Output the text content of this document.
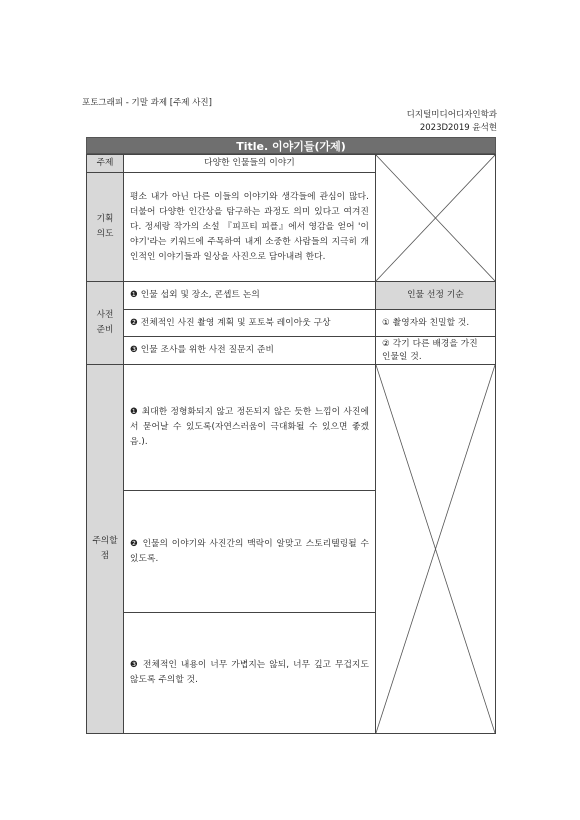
포토그래피 - 기말 과제 [주제 사진]
디지털미디어디자인학과
2023D2019 윤석현
Title. 이야기들(가제)
주제	다양한 인물들의 이야기
기획
의도
평소 내가 아닌 다른 이들의 이야기와 생각들에 관심이 많다. 더불어 다양한 인간상을 탐구하는 과정도 의미 있다고 여겨진다. 정세랑 작가의 소설 『피프티 피플』에서 영감을 얻어 '이야기'라는 키워드에 주목하여 내게 소중한 사람들의 지극히 개인적인 이야기들과 일상을 사진으로 담아내려 한다.
사전
준비
❶ 인물 섭외 및 장소, 콘셉트 논의
❷ 전체적인 사진 촬영 계획 및 포토북 레이아웃 구상
❸ 인물 조사를 위한 사전 질문지 준비
인물 선정 기순
① 촬영자와 친밀할 것.
② 각기 다른 배경을 가진 인물일 것.
주의할
점
❶ 최대한 정형화되지 않고 정돈되지 않은 듯한 느낌이 사진에서 묻어날 수 있도록(자연스러움이 극대화될 수 있으면 좋겠음.).
❷ 인물의 이야기와 사진간의 맥락이 알맞고 스토리텔링될 수 있도록.
❸ 전체적인 내용이 너무 가볍지는 않되, 너무 깊고 무겁지도 않도록 주의할 것.
